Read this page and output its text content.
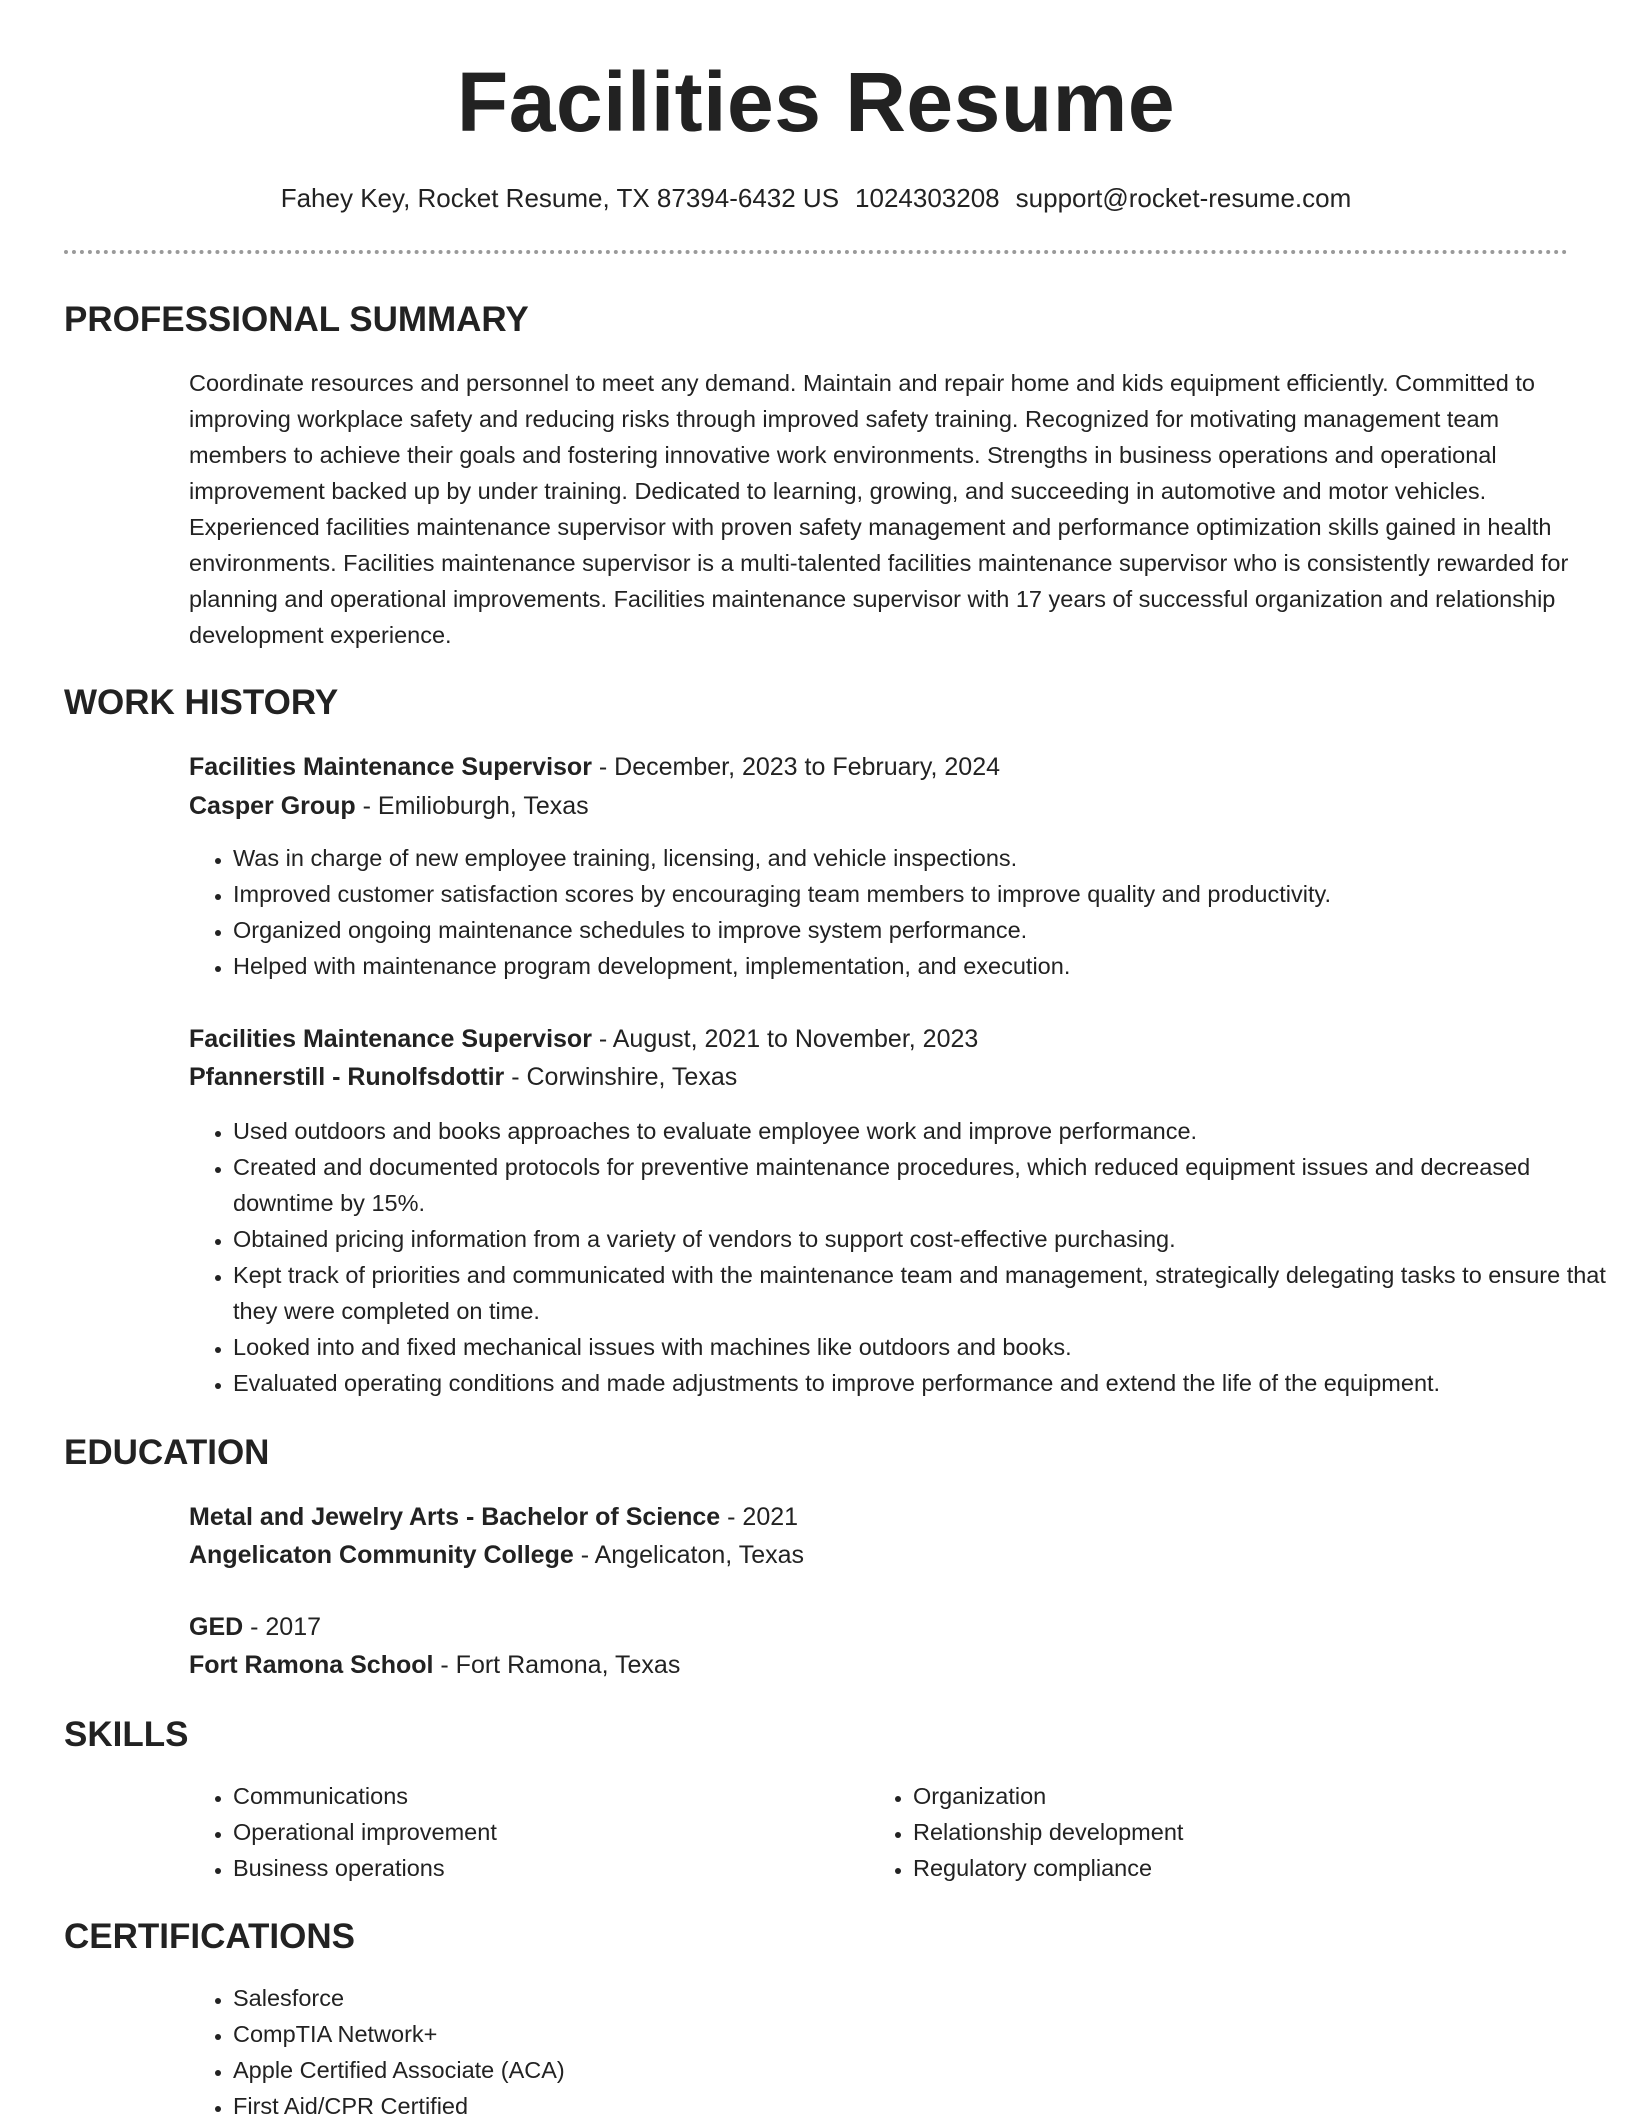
Facilities Resume
Fahey Key, Rocket Resume, TX 87394-6432 US 1024303208 support@rocket-resume.com
PROFESSIONAL SUMMARY

Coordinate resources and personnel to meet any demand. Maintain and repair home and kids equipment efficiently. Committed to improving workplace safety and reducing risks through improved safety training. Recognized for motivating management team members to achieve their goals and fostering innovative work environments. Strengths in business operations and operational improvement backed up by under training. Dedicated to learning, growing, and succeeding in automotive and motor vehicles. Experienced facilities maintenance supervisor with proven safety management and performance optimization skills gained in health environments. Facilities maintenance supervisor is a multi-talented facilities maintenance supervisor who is consistently rewarded for planning and operational improvements. Facilities maintenance supervisor with 17 years of successful organization and relationship development experience.

WORK HISTORY
Facilities Maintenance Supervisor - December, 2023 to February, 2024
Casper Group - Emilioburgh, Texas
• Was in charge of new employee training, licensing, and vehicle inspections.
• Improved customer satisfaction scores by encouraging team members to improve quality and productivity.
• Organized ongoing maintenance schedules to improve system performance.
• Helped with maintenance program development, implementation, and execution.
Facilities Maintenance Supervisor - August, 2021 to November, 2023
Pfannerstill - Runolfsdottir - Corwinshire, Texas
• Used outdoors and books approaches to evaluate employee work and improve performance.
• Created and documented protocols for preventive maintenance procedures, which reduced equipment issues and decreased downtime by 15%.
• Obtained pricing information from a variety of vendors to support cost-effective purchasing.
• Kept track of priorities and communicated with the maintenance team and management, strategically delegating tasks to ensure that they were completed on time.
• Looked into and fixed mechanical issues with machines like outdoors and books.
• Evaluated operating conditions and made adjustments to improve performance and extend the life of the equipment.
EDUCATION
Metal and Jewelry Arts - Bachelor of Science - 2021
Angelicaton Community College - Angelicaton, Texas
GED - 2017
Fort Ramona School - Fort Ramona, Texas
SKILLS
• Communications
• Operational improvement
• Business operations
• Organization
• Relationship development
• Regulatory compliance
CERTIFICATIONS
• Salesforce
• CompTIA Network+
• Apple Certified Associate (ACA)
• First Aid/CPR Certified
